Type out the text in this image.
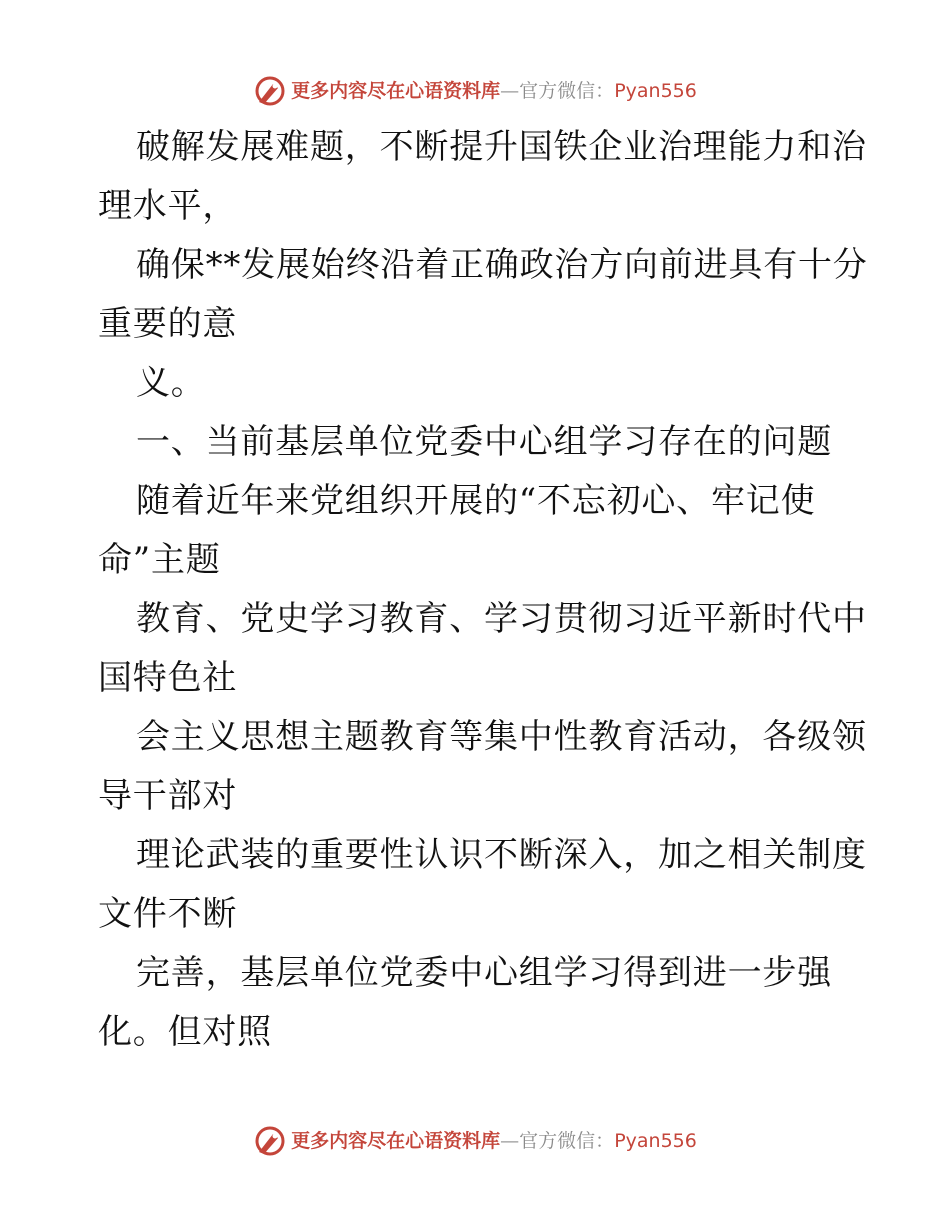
更多内容尽在心语资料库 — 官方微信： Pyan556
破解发展难题，不断提升国铁企业治理能力和治
理水平，
确保**发展始终沿着正确政治方向前进具有十分
重要的意
义。
一、当前基层单位党委中心组学习存在的问题
随着近年来党组织开展的“不忘初心、牢记使
命”主题
教育、党史学习教育、学习贯彻习近平新时代中
国特色社
会主义思想主题教育等集中性教育活动，各级领
导干部对
理论武装的重要性认识不断深入，加之相关制度
文件不断
完善，基层单位党委中心组学习得到进一步强
化。但对照
更多内容尽在心语资料库 — 官方微信： Pyan556
